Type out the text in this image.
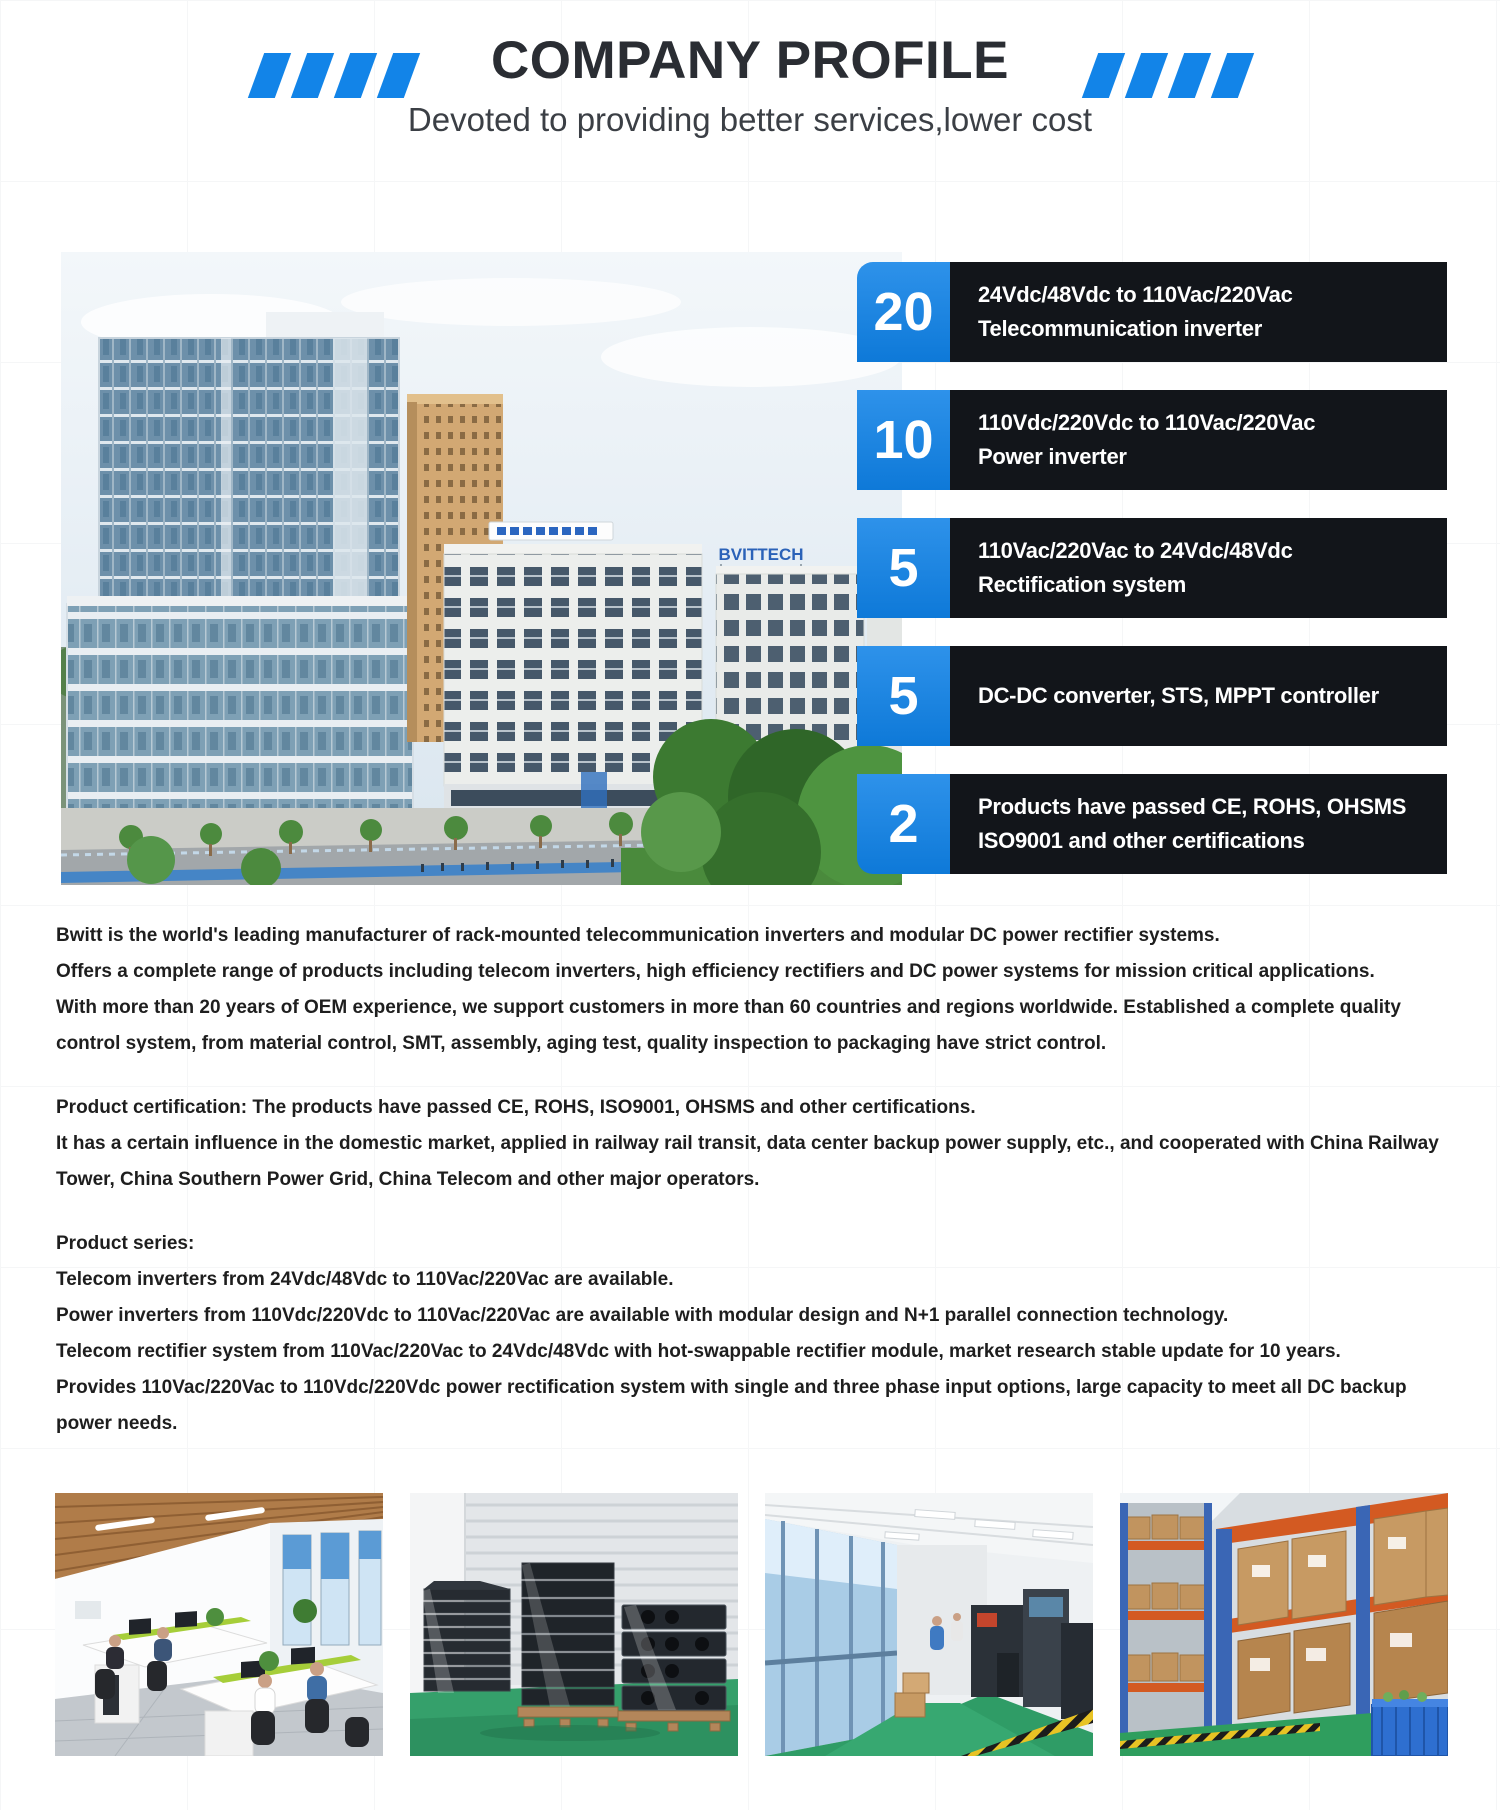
COMPANY PROFILE
Devoted to providing better services,lower cost
BVITTECH
20	24Vdc/48Vdc to 110Vac/220Vac
Telecommunication inverter
10	110Vdc/220Vdc to 110Vac/220Vac
Power inverter
5	110Vac/220Vac to 24Vdc/48Vdc
Rectification system
5	DC-DC converter, STS, MPPT controller
2	Products have passed CE, ROHS, OHSMS
ISO9001 and other certifications
Bwitt is the world's leading manufacturer of rack-mounted telecommunication inverters and modular DC power rectifier systems.
Offers a complete range of products including telecom inverters, high efficiency rectifiers and DC power systems for mission critical applications.
With more than 20 years of OEM experience, we support customers in more than 60 countries and regions worldwide. Established a complete quality control system, from material control, SMT, assembly, aging test, quality inspection to packaging have strict control.
Product certification: The products have passed CE, ROHS, ISO9001, OHSMS and other certifications.
It has a certain influence in the domestic market, applied in railway rail transit, data center backup power supply, etc., and cooperated with China Railway Tower, China Southern Power Grid, China Telecom and other major operators.
Product series:
Telecom inverters from 24Vdc/48Vdc to 110Vac/220Vac are available.
Power inverters from 110Vdc/220Vdc to 110Vac/220Vac are available with modular design and N+1 parallel connection technology.
Telecom rectifier system from 110Vac/220Vac to 24Vdc/48Vdc with hot-swappable rectifier module, market research stable update for 10 years.
Provides 110Vac/220Vac to 110Vdc/220Vdc power rectification system with single and three phase input options, large capacity to meet all DC backup power needs.
